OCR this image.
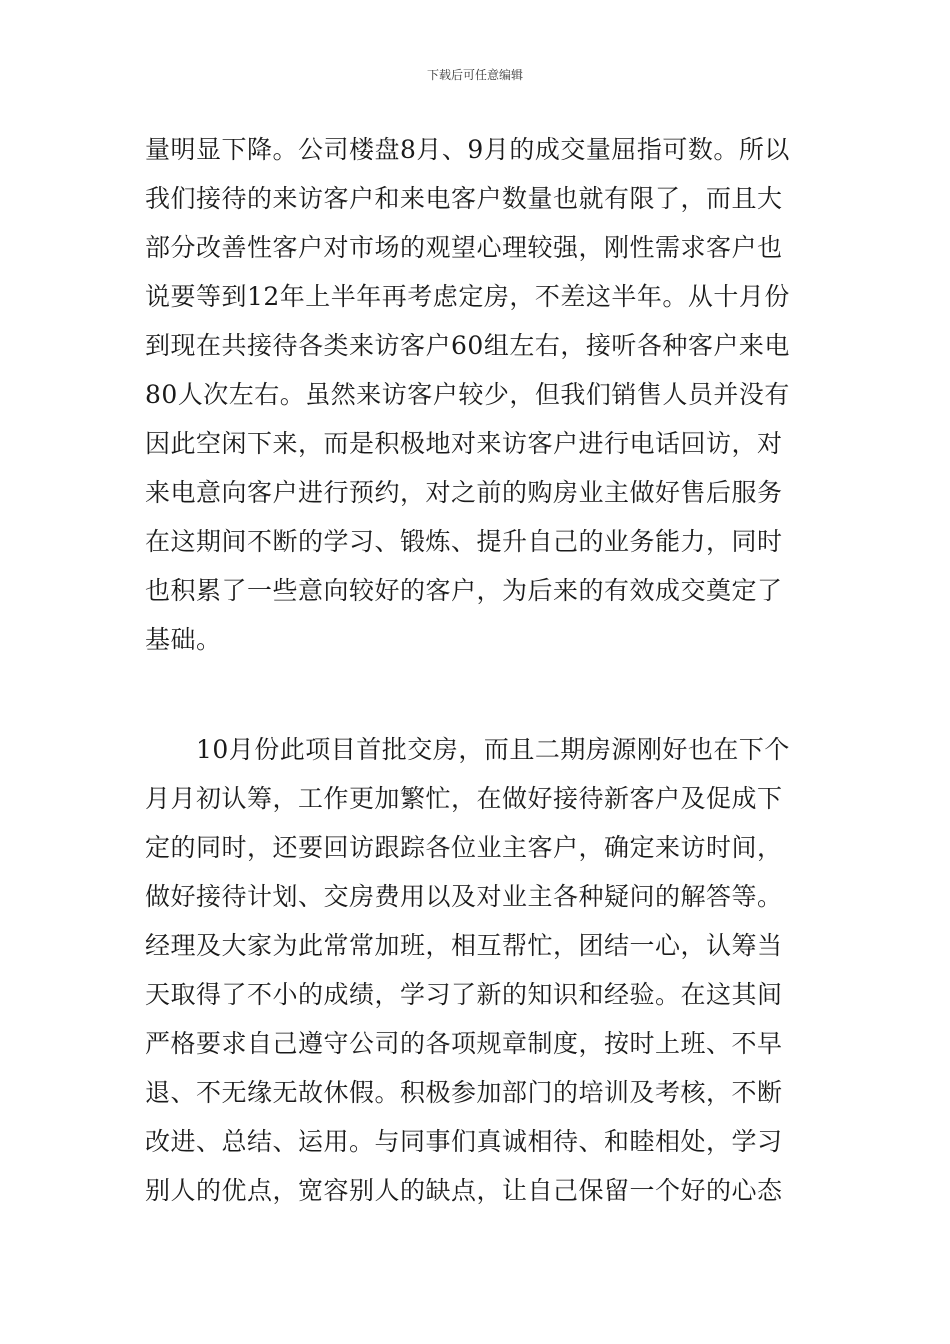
下载后可任意编辑
量明显下降。公司楼盘8月、9月的成交量屈指可数。所以
我们接待的来访客户和来电客户数量也就有限了，而且大
部分改善性客户对市场的观望心理较强，刚性需求客户也
说要等到12年上半年再考虑定房，不差这半年。从十月份
到现在共接待各类来访客户60组左右，接听各种客户来电
80人次左右。虽然来访客户较少，但我们销售人员并没有
因此空闲下来，而是积极地对来访客户进行电话回访，对
来电意向客户进行预约，对之前的购房业主做好售后服务
在这期间不断的学习、锻炼、提升自己的业务能力，同时
也积累了一些意向较好的客户，为后来的有效成交奠定了
基础。
　　10月份此项目首批交房，而且二期房源刚好也在下个
月月初认筹，工作更加繁忙，在做好接待新客户及促成下
定的同时，还要回访跟踪各位业主客户，确定来访时间，
做好接待计划、交房费用以及对业主各种疑问的解答等。
经理及大家为此常常加班，相互帮忙，团结一心，认筹当
天取得了不小的成绩，学习了新的知识和经验。在这其间
严格要求自己遵守公司的各项规章制度，按时上班、不早
退、不无缘无故休假。积极参加部门的培训及考核，不断
改进、总结、运用。与同事们真诚相待、和睦相处，学习
别人的优点，宽容别人的缺点，让自己保留一个好的心态
